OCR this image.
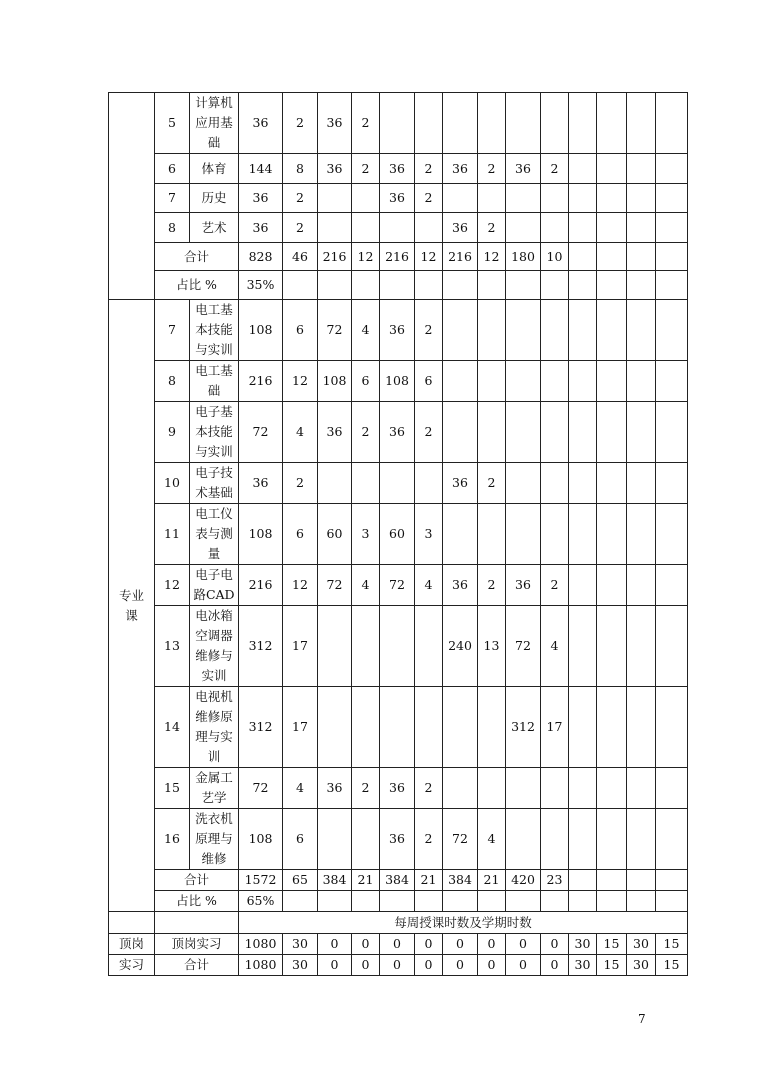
	5	计算机
应用基
础	36	2	36	2										
	6	体育	144	8	36	2	36	2	36	2	36	2				
	7	历史	36	2			36	2								
	8	艺术	36	2					36	2						
	合计		828	46	216	12	216	12	216	12	180	10				
	占比 %		35%													
专业课	7	电工基
本技能
与实训	108	6	72	4	36	2								
	8	电工基
础	216	12	108	6	108	6								
	9	电子基
本技能
与实训	72	4	36	2	36	2								
	10	电子技
术基础	36	2					36	2						
	11	电工仪
表与测
量	108	6	60	3	60	3								
	12	电子电
路CAD	216	12	72	4	72	4	36	2	36	2				
	13	电冰箱
空调器
维修与
实训	312	17					240	13	72	4				
	14	电视机
维修原
理与实
训	312	17							312	17				
	15	金属工
艺学	72	4	36	2	36	2								
	16	洗衣机
原理与
维修	108	6			36	2	72	4						
	合计		1572	65	384	21	384	21	384	21	420	23				
	占比 %		65%													
			每周授课时数及学期时数													
顶岗	顶岗实习		1080	30	0	0	0	0	0	0	0	0	30	15	30	15
实习	合计		1080	30	0	0	0	0	0	0	0	0	30	15	30	15
7
